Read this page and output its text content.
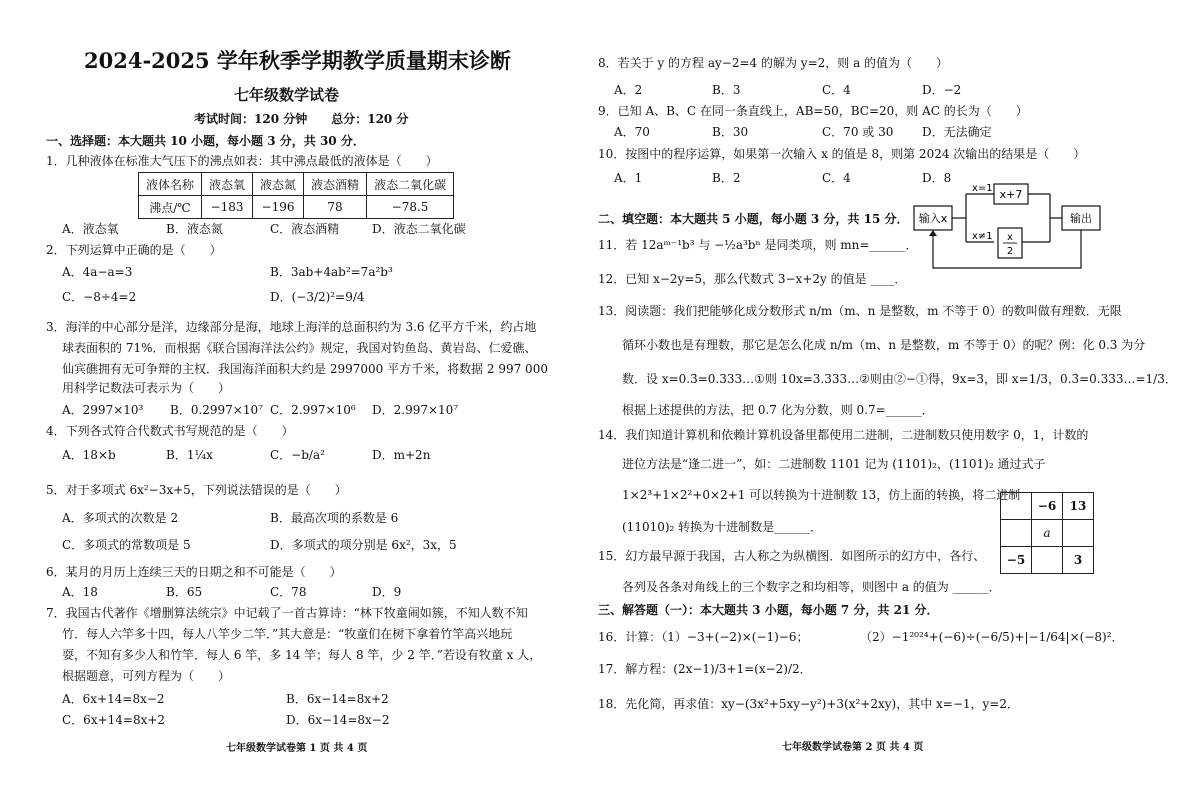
2024-2025 学年秋季学期教学质量期末诊断
七年级数学试卷
考试时间：120 分钟　　总分：120 分
一、选择题：本大题共 10 小题，每小题 3 分，共 30 分．
1．几种液体在标准大气压下的沸点如表：其中沸点最低的液体是（　　）
液体名称	液态氧	液态氮	液态酒精	液态二氧化碳
沸点/℃	−183	−196	78	−78.5
A．液态氧	B．液态氮	C．液态酒精	D．液态二氧化碳
2．下列运算中正确的是（　　）
A．4a−a=3	B．3ab+4ab²=7a²b³
C．−8÷4=2	D．(−3/2)²=9/4
3．海洋的中心部分是洋，边缘部分是海，地球上海洋的总面积约为 3.6 亿平方千米，约占地
球表面积的 71%．而根据《联合国海洋法公约》规定，我国对钓鱼岛、黄岩岛、仁爱礁、
仙宾礁拥有无可争辩的主权．我国海洋面积大约是 2997000 平方千米，将数据 2 997 000
用科学记数法可表示为（　　）
A．2997×10³ B．0.2997×10⁷ C．2.997×10⁶ D．2.997×10⁷
4．下列各式符合代数式书写规范的是（　　）
A．18×b	B．1¼x	C．−b/a²	D．m+2n
5．对于多项式 6x²−3x+5，下列说法错误的是（　　）
A．多项式的次数是 2	B．最高次项的系数是 6
C．多项式的常数项是 5	D．多项式的项分别是 6x²，3x，5
6．某月的月历上连续三天的日期之和不可能是（　　）
A．18	B．65	C．78	D．9
7．我国古代著作《增删算法统宗》中记载了一首古算诗：“林下牧童闹如簇，不知人数不知
竹．每人六竿多十四，每人八竿少二竿．”其大意是：“牧童们在树下拿着竹竿高兴地玩
耍，不知有多少人和竹竿．每人 6 竿，多 14 竿；每人 8 竿，少 2 竿．”若设有牧童 x 人，
根据题意，可列方程为（　　）
A．6x+14=8x−2	B．6x−14=8x+2
C．6x+14=8x+2	D．6x−14=8x−2
七年级数学试卷第 1 页 共 4 页
8．若关于 y 的方程 ay−2=4 的解为 y=2，则 a 的值为（　　）
A．2	B．3	C．4	D．−2
9．已知 A、B、C 在同一条直线上，AB=50，BC=20，则 AC 的长为（　　）
A．70	B．30	C．70 或 30 D．无法确定
10．按图中的程序运算，如果第一次输入 x 的值是 8，则第 2024 次输出的结果是（　　）
A．1	B．2	C．4	D．8
输入x
x=1
x≠1
x+7
x
2
输出
二、填空题：本大题共 5 小题，每小题 3 分，共 15 分．
11．若 12aᵐ⁻¹b³ 与 −½a³bⁿ 是同类项，则 mn=______．
12．已知 x−2y=5，那么代数式 3−x+2y 的值是 ____．
13．阅读题：我们把能够化成分数形式 n/m（m、n 是整数，m 不等于 0）的数叫做有理数．无限
循环小数也是有理数，那它是怎么化成 n/m（m、n 是整数，m 不等于 0）的呢？例：化 0.3̇ 为分
数．设 x=0.3̇=0.333…①则 10x=3.333…②则由②−①得，9x=3，即 x=1/3，0.3̇=0.333…=1/3．
根据上述提供的方法，把 0.7̇ 化为分数，则 0.7̇=______．
14．我们知道计算机和依赖计算机设备里都使用二进制，二进制数只使用数字 0，1，计数的
进位方法是“逢二进一”，如：二进制数 1101 记为 (1101)₂，(1101)₂ 通过式子
1×2³+1×2²+0×2+1 可以转换为十进制数 13，仿上面的转换，将二进制
(11010)₂ 转换为十进制数是______．
	−6	13
	a	
−5		3
15．幻方最早源于我国，古人称之为纵横图．如图所示的幻方中，各行、
各列及各条对角线上的三个数字之和均相等，则图中 a 的值为 ______．
三、解答题（一）：本大题共 3 小题，每小题 7 分，共 21 分．
16．计算：（1）−3+(−2)×(−1)−6；	（2）−1²⁰²⁴+(−6)÷(−6/5)+|−1/64|×(−8)²．
17．解方程：(2x−1)/3+1=(x−2)/2．
18．先化简，再求值：xy−(3x²+5xy−y²)+3(x²+2xy)，其中 x=−1，y=2．
七年级数学试卷第 2 页 共 4 页
